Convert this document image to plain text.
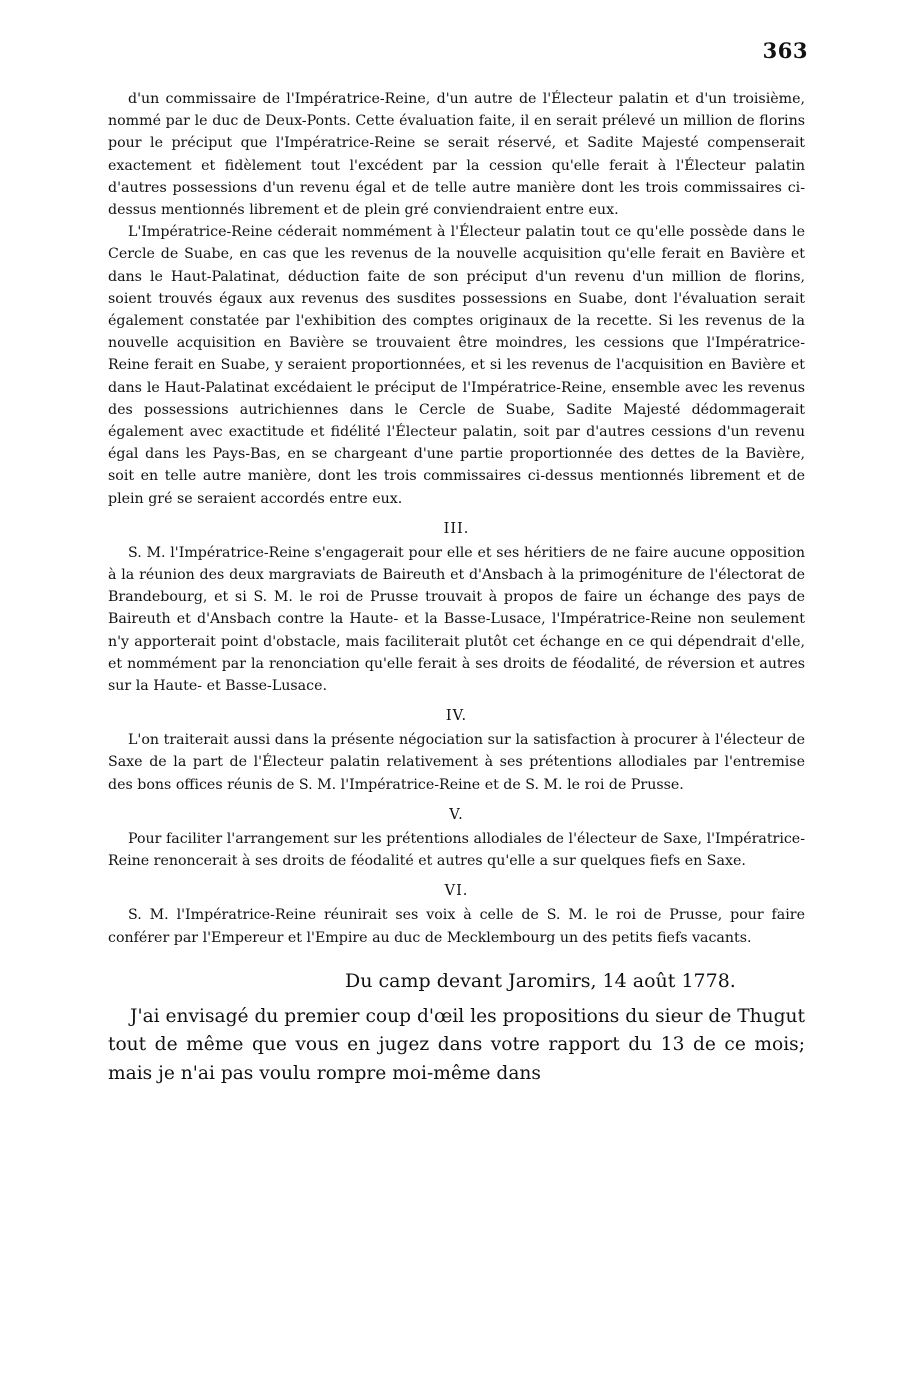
363

d'un commissaire de l'Impératrice-Reine, d'un autre de l'Électeur palatin et d'un troisième, nommé par le duc de Deux-Ponts. Cette évaluation faite, il en serait prélevé un million de florins pour le préciput que l'Impératrice-Reine se serait réservé, et Sadite Majesté compenserait exactement et fidèlement tout l'excédent par la cession qu'elle ferait à l'Électeur palatin d'autres possessions d'un revenu égal et de telle autre manière dont les trois commissaires ci-dessus mentionnés librement et de plein gré conviendraient entre eux.

L'Impératrice-Reine céderait nommément à l'Électeur palatin tout ce qu'elle possède dans le Cercle de Suabe, en cas que les revenus de la nouvelle acquisition qu'elle ferait en Bavière et dans le Haut-Palatinat, déduction faite de son préciput d'un revenu d'un million de florins, soient trouvés égaux aux revenus des susdites possessions en Suabe, dont l'évaluation serait également constatée par l'exhibition des comptes originaux de la recette. Si les revenus de la nouvelle acquisition en Bavière se trouvaient être moindres, les cessions que l'Impératrice-Reine ferait en Suabe, y seraient proportionnées, et si les revenus de l'acquisition en Bavière et dans le Haut-Palatinat excédaient le préciput de l'Impératrice-Reine, ensemble avec les revenus des possessions autrichiennes dans le Cercle de Suabe, Sadite Majesté dédommagerait également avec exactitude et fidélité l'Électeur palatin, soit par d'autres cessions d'un revenu égal dans les Pays-Bas, en se chargeant d'une partie proportionnée des dettes de la Bavière, soit en telle autre manière, dont les trois commissaires ci-dessus mentionnés librement et de plein gré se seraient accordés entre eux.

III.

S. M. l'Impératrice-Reine s'engagerait pour elle et ses héritiers de ne faire aucune opposition à la réunion des deux margraviats de Baireuth et d'Ansbach à la primogéniture de l'électorat de Brandebourg, et si S. M. le roi de Prusse trouvait à propos de faire un échange des pays de Baireuth et d'Ansbach contre la Haute- et la Basse-Lusace, l'Impératrice-Reine non seulement n'y apporterait point d'obstacle, mais faciliterait plutôt cet échange en ce qui dépendrait d'elle, et nommément par la renonciation qu'elle ferait à ses droits de féodalité, de réversion et autres sur la Haute- et Basse-Lusace.

IV.

L'on traiterait aussi dans la présente négociation sur la satisfaction à procurer à l'électeur de Saxe de la part de l'Électeur palatin relativement à ses prétentions allodiales par l'entremise des bons offices réunis de S. M. l'Impératrice-Reine et de S. M. le roi de Prusse.

V.

Pour faciliter l'arrangement sur les prétentions allodiales de l'électeur de Saxe, l'Impératrice-Reine renoncerait à ses droits de féodalité et autres qu'elle a sur quelques fiefs en Saxe.

VI.

S. M. l'Impératrice-Reine réunirait ses voix à celle de S. M. le roi de Prusse, pour faire conférer par l'Empereur et l'Empire au duc de Mecklembourg un des petits fiefs vacants.

Du camp devant Jaromirs, 14 août 1778.

J'ai envisagé du premier coup d'œil les propositions du sieur de Thugut tout de même que vous en jugez dans votre rapport du 13 de ce mois; mais je n'ai pas voulu rompre moi-même dans
